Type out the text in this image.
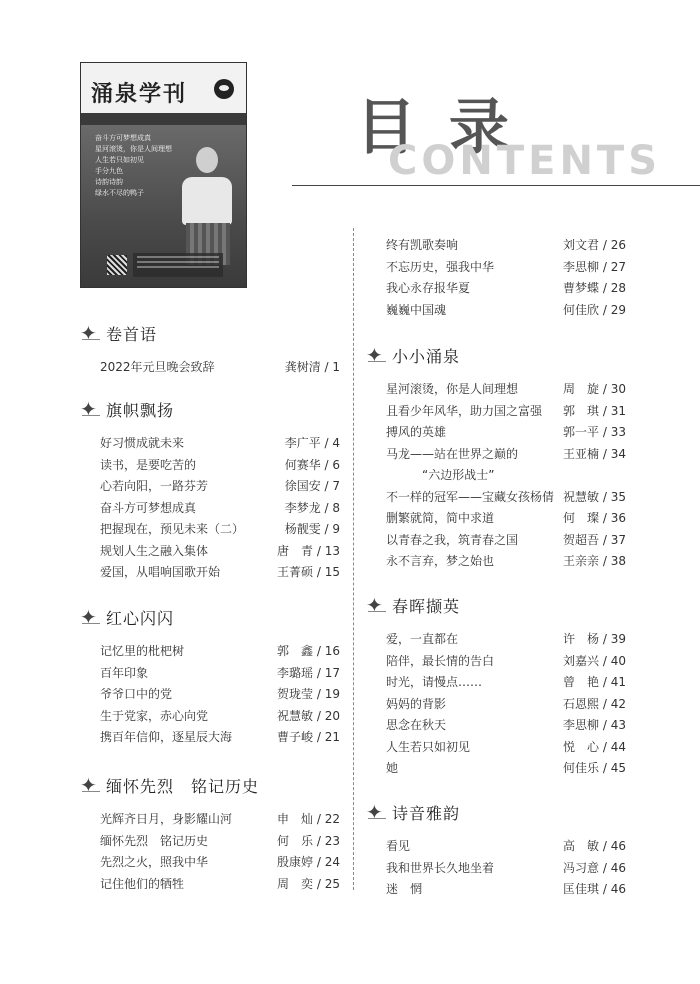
涌泉学刊
奋斗方可梦想成真
星河滚烫，你是人间理想
人生若只如初见
手分九色
诗韵诗韵
绿水不尽的鸭子
目 录
CONTENTS
✦
卷首语
2022年元旦晚会致辞	龚树清 / 1
✦
旗帜飘扬
好习惯成就未来	李广平 / 4
读书，是要吃苦的	何赛华 / 6
心若向阳，一路芬芳	徐国安 / 7
奋斗方可梦想成真	李梦龙 / 8
把握现在，预见未来（二）	杨靓雯 / 9
规划人生之融入集体	唐　青 / 13
爱国，从唱响国歌开始	王菁硕 / 15
✦
红心闪闪
记忆里的枇杷树	郭　鑫 / 16
百年印象	李璐瑶 / 17
爷爷口中的党	贺珑莹 / 19
生于党家，赤心向党	祝慧敏 / 20
携百年信仰，逐星辰大海	曹子峻 / 21
✦
缅怀先烈　铭记历史
光辉齐日月，身影耀山河	申　灿 / 22
缅怀先烈　铭记历史	何　乐 / 23
先烈之火，照我中华	殷康婷 / 24
记住他们的牺牲	周　奕 / 25
终有凯歌奏响	刘文君 / 26
不忘历史，强我中华	李思柳 / 27
我心永存报华夏	曹梦蝶 / 28
巍巍中国魂	何佳欣 / 29
✦
小小涌泉
星河滚烫，你是人间理想	周　旋 / 30
且看少年风华，助力国之富强 郭　琪 / 31
搏风的英雄	郭一平 / 33
马龙——站在世界之巅的	王亚楠 / 34
　　　“六边形战士”
不一样的冠军——宝藏女孩杨倩 祝慧敏 / 35
删繁就简，简中求道	何　璨 / 36
以青春之我，筑青春之国	贺超吾 / 37
永不言弃，梦之始也	王亲亲 / 38
✦
春晖撷英
爱，一直都在	许　杨 / 39
陪伴，最长情的告白	刘嘉兴 / 40
时光，请慢点……	曾　艳 / 41
妈妈的背影	石恩熙 / 42
思念在秋天	李思柳 / 43
人生若只如初见	悦　心 / 44
她	何佳乐 / 45
✦
诗音雅韵
看见	高　敏 / 46
我和世界长久地坐着	冯习意 / 46
迷　惘	匡佳琪 / 46
